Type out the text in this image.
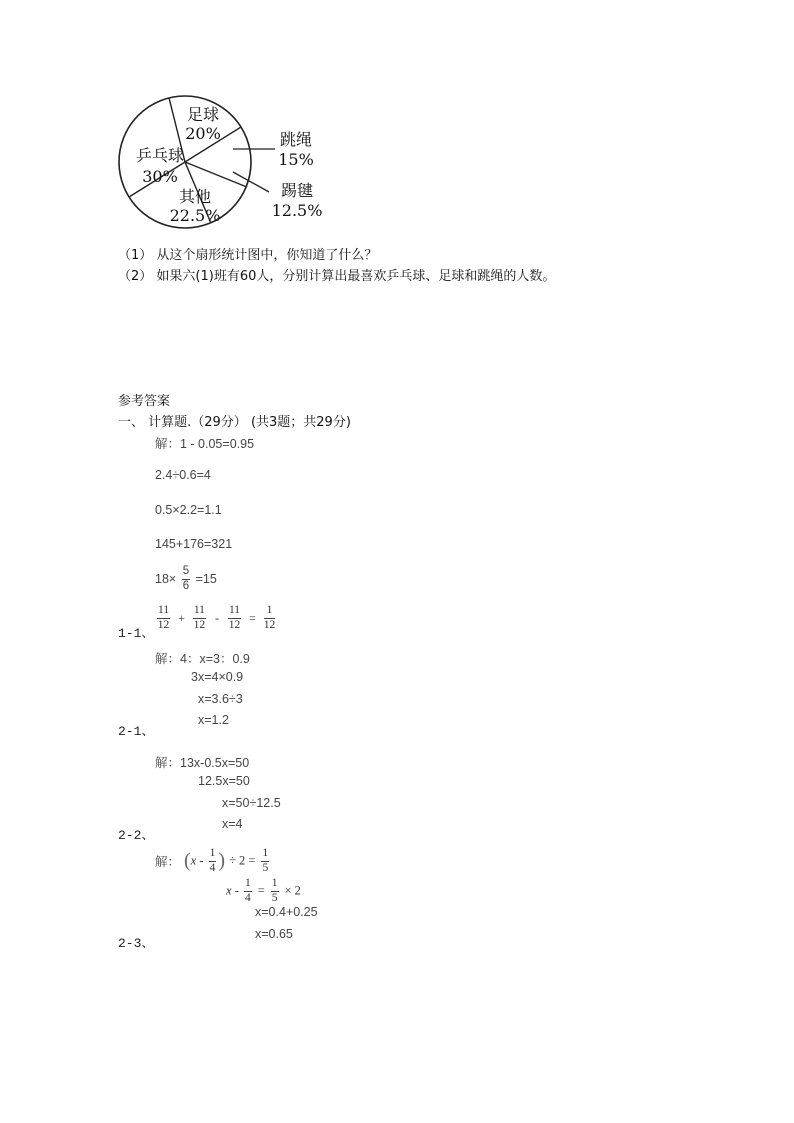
足球
20%	跳绳
15%
踢毽
12.5%
其他
22.5%
乒乓球
30%
（1） 从这个扇形统计图中，你知道了什么？
（2） 如果六(1)班有60人，分别计算出最喜欢乒乓球、足球和跳绳的人数。
参考答案
一、 计算题.（29分） (共3题；共29分)
解：1 - 0.05=0.95
2.4÷0.6=4
0.5×2.2=1.1
145+176=321
$18\times \frac{5}{6} =15$
1-1、
$\frac{11}{12} + \frac{11}{12} - \frac{11}{12} = \frac{1}{12}$
解：4：x=3：0.9
3x=4×0.9
x=3.6÷3
x=1.2
2-1、
解：13x-0.5x=50
12.5x=50
x=50÷12.5
x=4
2-2、
解： ($x - \frac{1}{4}$ ) ÷ $2 = \frac{1}{5}$
$x - \frac{1}{4} = \frac{1}{5} \times 2$
x=0.4+0.25
x=0.65
2-3、
